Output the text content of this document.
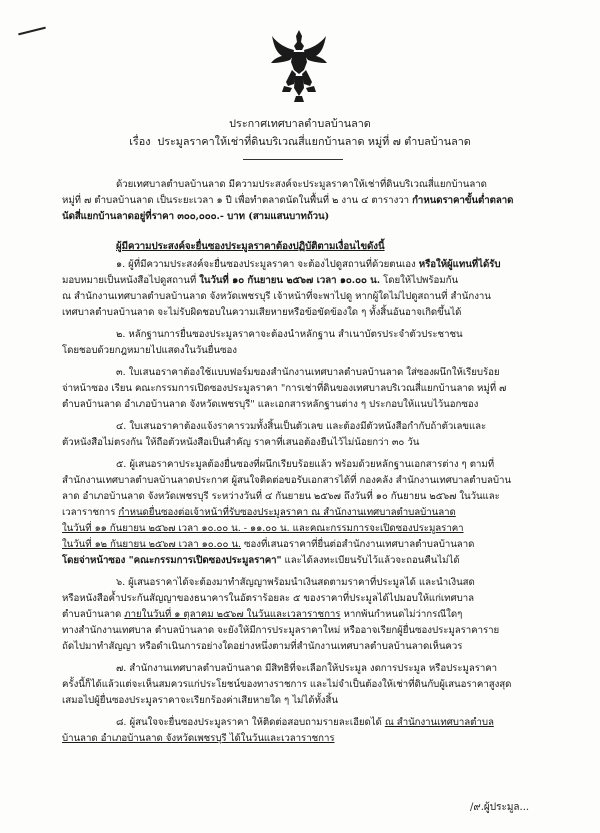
ประกาศเทศบาลตำบลบ้านลาด
เรื่อง ประมูลราคาให้เช่าที่ดินบริเวณสี่แยกบ้านลาด หมู่ที่ ๗ ตำบลบ้านลาด
ด้วยเทศบาลตำบลบ้านลาด มีความประสงค์จะประมูลราคาให้เช่าที่ดินบริเวณสี่แยกบ้านลาด
หมู่ที่ ๗ ตำบลบ้านลาด เป็นระยะเวลา ๑ ปี เพื่อทำตลาดนัดในพื้นที่ ๒ งาน ๔ ตารางวา กำหนดราคาขั้นต่ำตลาด
นัดสี่แยกบ้านลาดอยู่ที่ราคา ๓๐๐,๐๐๐.- บาท (สามแสนบาทถ้วน)
ผู้มีความประสงค์จะยื่นซองประมูลราคาต้องปฏิบัติตามเงื่อนไขดังนี้
๑. ผู้ที่มีความประสงค์จะยื่นซองประมูลราคา จะต้องไปดูสถานที่ด้วยตนเอง หรือให้ผู้แทนที่ได้รับ
มอบหมายเป็นหนังสือไปดูสถานที่ ในวันที่ ๑๐ กันยายน ๒๕๖๗ เวลา ๑๐.๐๐ น. โดยให้ไปพร้อมกัน
ณ สำนักงานเทศบาลตำบลบ้านลาด จังหวัดเพชรบุรี เจ้าหน้าที่จะพาไปดู หากผู้ใดไม่ไปดูสถานที่ สำนักงาน
เทศบาลตำบลบ้านลาด จะไม่รับผิดชอบในความเสียหายหรือข้อขัดข้องใด ๆ ทั้งสิ้นอันอาจเกิดขึ้นได้
๒. หลักฐานการยื่นซองประมูลราคาจะต้องนำหลักฐาน สำเนาบัตรประจำตัวประชาชน
โดยชอบด้วยกฎหมายไปแสดงในวันยื่นซอง
๓. ใบเสนอราคาต้องใช้แบบฟอร์มของสำนักงานเทศบาลตำบลบ้านลาด ใส่ซองผนึกให้เรียบร้อย
จ่าหน้าซอง เรียน คณะกรรมการเปิดซองประมูลราคา "การเช่าที่ดินของเทศบาลบริเวณสี่แยกบ้านลาด หมู่ที่ ๗
ตำบลบ้านลาด อำเภอบ้านลาด จังหวัดเพชรบุรี" และเอกสารหลักฐานต่าง ๆ ประกอบให้แนบไว้นอกซอง
๔. ใบเสนอราคาต้องแจ้งราคารวมทั้งสิ้นเป็นตัวเลข และต้องมีตัวหนังสือกำกับถ้าตัวเลขและ
ตัวหนังสือไม่ตรงกัน ให้ถือตัวหนังสือเป็นสำคัญ ราคาที่เสนอต้องยืนไว้ไม่น้อยกว่า ๓๐ วัน
๕. ผู้เสนอราคาประมูลต้องยื่นซองที่ผนึกเรียบร้อยแล้ว พร้อมด้วยหลักฐานเอกสารต่าง ๆ ตามที่
สำนักงานเทศบาลตำบลบ้านลาดประกาศ ผู้สนใจติดต่อขอรับเอกสารได้ที่ กองคลัง สำนักงานเทศบาลตำบลบ้าน
ลาด อำเภอบ้านลาด จังหวัดเพชรบุรี ระหว่างวันที่ ๔ กันยายน ๒๕๖๗ ถึงวันที่ ๑๐ กันยายน ๒๕๖๗ ในวันและ
เวลาราชการ กำหนดยื่นซองต่อเจ้าหน้าที่รับซองประมูลราคา ณ สำนักงานเทศบาลตำบลบ้านลาด
ในวันที่ ๑๑ กันยายน ๒๕๖๗ เวลา ๑๐.๐๐ น. - ๑๑.๐๐ น. และคณะกรรมการจะเปิดซองประมูลราคา
ในวันที่ ๑๒ กันยายน ๒๕๖๗ เวลา ๑๐.๐๐ น. ซองที่เสนอราคาที่ยื่นต่อสำนักงานเทศบาลตำบลบ้านลาด
โดยจ่าหน้าซอง "คณะกรรมการเปิดซองประมูลราคา" และได้ลงทะเบียนรับไว้แล้วจะถอนคืนไม่ได้
๖. ผู้เสนอราคาได้จะต้องมาทำสัญญาพร้อมนำเงินสดตามราคาที่ประมูลได้ และนำเงินสด
หรือหนังสือค้ำประกันสัญญาของธนาคารในอัตราร้อยละ ๕ ของราคาที่ประมูลได้ไปมอบให้แก่เทศบาล
ตำบลบ้านลาด ภายในวันที่ ๑ ตุลาคม ๒๕๖๗ ในวันและเวลาราชการ หากพ้นกำหนดไม่ว่ากรณีใดๆ
ทางสำนักงานเทศบาล ตำบลบ้านลาด จะยังให้มีการประมูลราคาใหม่ หรืออาจเรียกผู้ยื่นซองประมูลราคาราย
ถัดไปมาทำสัญญา หรือดำเนินการอย่างใดอย่างหนึ่งตามที่สำนักงานเทศบาลตำบลบ้านลาดเห็นควร
๗. สำนักงานเทศบาลตำบลบ้านลาด มีสิทธิที่จะเลือกให้ประมูล งดการประมูล หรือประมูลราคา
ครั้งนี้ก็ได้แล้วแต่จะเห็นสมควรแก่ประโยชน์ของทางราชการ และไม่จำเป็นต้องให้เช่าที่ดินกับผู้เสนอราคาสูงสุด
เสมอไปผู้ยื่นซองประมูลราคาจะเรียกร้องค่าเสียหายใด ๆ ไม่ได้ทั้งสิ้น
๘. ผู้สนใจจะยื่นซองประมูลราคา ให้ติดต่อสอบถามรายละเอียดได้ ณ สำนักงานเทศบาลตำบล
บ้านลาด อำเภอบ้านลาด จังหวัดเพชรบุรี ได้ในวันและเวลาราชการ
/๙.ผู้ประมูล...
